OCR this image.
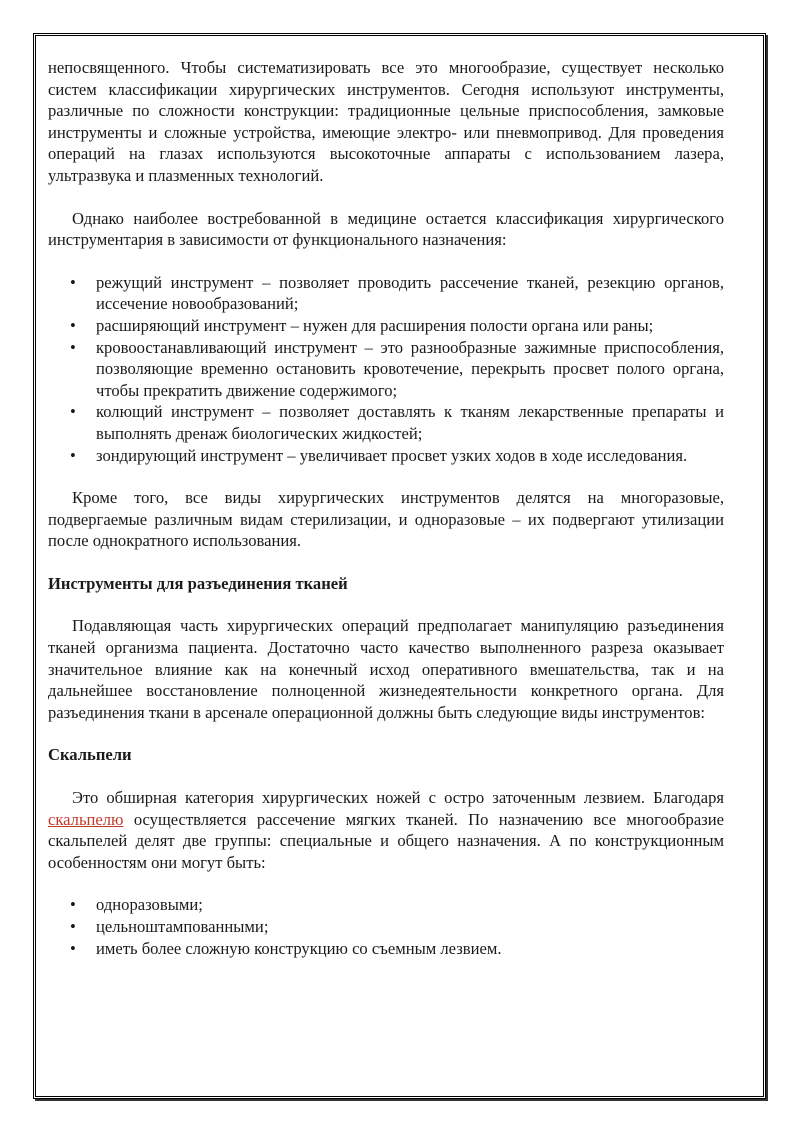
непосвященного. Чтобы систематизировать все это многообразие, существует несколько систем классификации хирургических инструментов. Сегодня используют инструменты, различные по сложности конструкции: традиционные цельные приспособления, замковые инструменты и сложные устройства, имеющие электро- или пневмопривод. Для проведения операций на глазах используются высокоточные аппараты с использованием лазера, ультразвука и плазменных технологий.

Однако наиболее востребованной в медицине остается классификация хирургического инструментария в зависимости от функционального назначения:

• режущий инструмент – позволяет проводить рассечение тканей, резекцию органов, иссечение новообразований;
• расширяющий инструмент – нужен для расширения полости органа или раны;
• кровоостанавливающий инструмент – это разнообразные зажимные приспособления, позволяющие временно остановить кровотечение, перекрыть просвет полого органа, чтобы прекратить движение содержимого;
• колющий инструмент – позволяет доставлять к тканям лекарственные препараты и выполнять дренаж биологических жидкостей;
• зондирующий инструмент – увеличивает просвет узких ходов в ходе исследования.

Кроме того, все виды хирургических инструментов делятся на многоразовые, подвергаемые различным видам стерилизации, и одноразовые – их подвергают утилизации после однократного использования.

Инструменты для разъединения тканей

Подавляющая часть хирургических операций предполагает манипуляцию разъединения тканей организма пациента. Достаточно часто качество выполненного разреза оказывает значительное влияние как на конечный исход оперативного вмешательства, так и на дальнейшее восстановление полноценной жизнедеятельности конкретного органа. Для разъединения ткани в арсенале операционной должны быть следующие виды инструментов:

Скальпели

Это обширная категория хирургических ножей с остро заточенным лезвием. Благодаря скальпелю осуществляется рассечение мягких тканей. По назначению все многообразие скальпелей делят две группы: специальные и общего назначения. А по конструкционным особенностям они могут быть:

• одноразовыми;
• цельноштампованными;
• иметь более сложную конструкцию со съемным лезвием.
